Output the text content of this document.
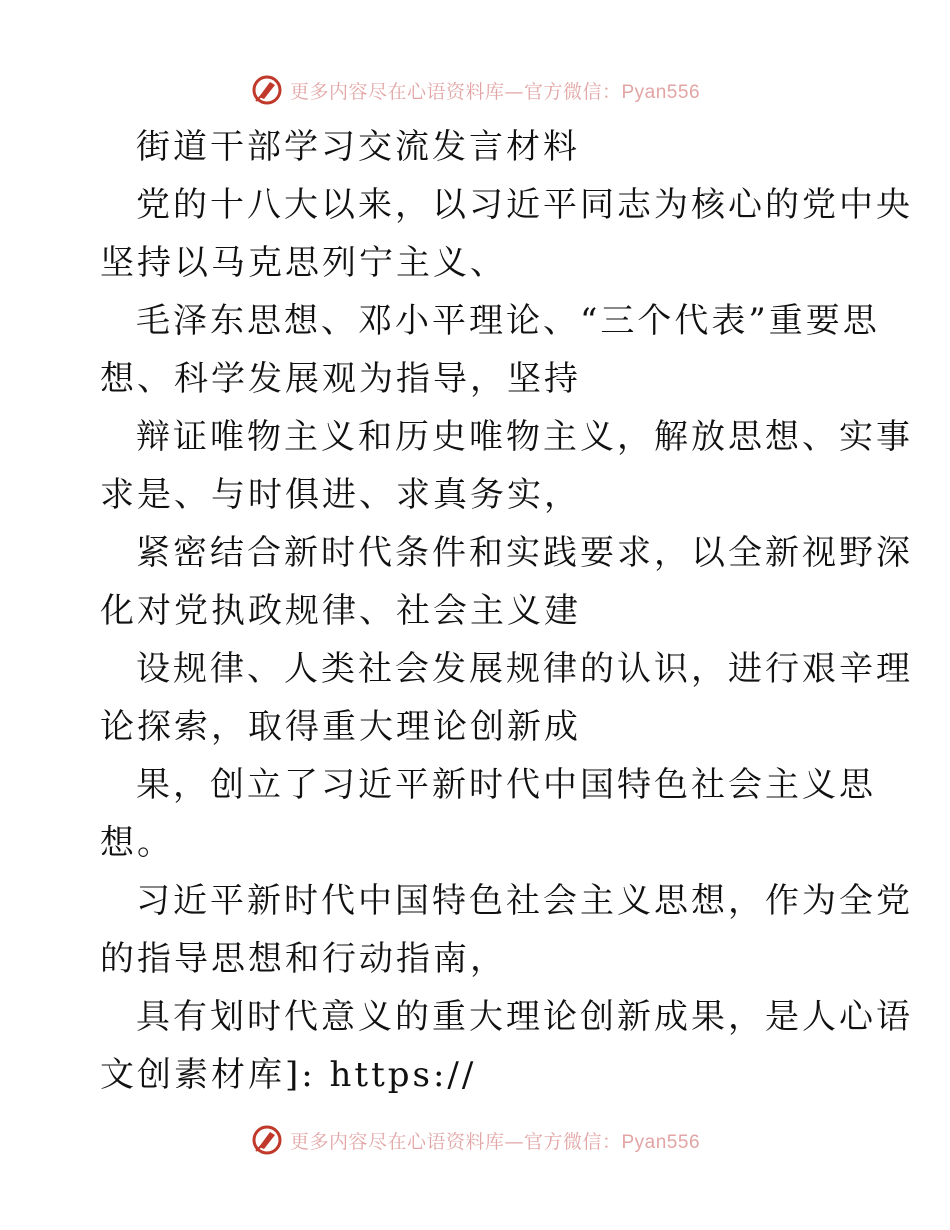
更多内容尽在心语资料库—官方微信：Pyan556
街道干部学习交流发言材料
党的十八大以来，以习近平同志为核心的党中央
坚持以马克思列宁主义、
毛泽东思想、邓小平理论、“三个代表”重要思
想、科学发展观为指导，坚持
辩证唯物主义和历史唯物主义，解放思想、实事
求是、与时俱进、求真务实，
紧密结合新时代条件和实践要求，以全新视野深
化对党执政规律、社会主义建
设规律、人类社会发展规律的认识，进行艰辛理
论探索，取得重大理论创新成
果，创立了习近平新时代中国特色社会主义思
想。
习近平新时代中国特色社会主义思想，作为全党
的指导思想和行动指南，
具有划时代意义的重大理论创新成果，是人心语
文创素材库]: https://
更多内容尽在心语资料库—官方微信：Pyan556
